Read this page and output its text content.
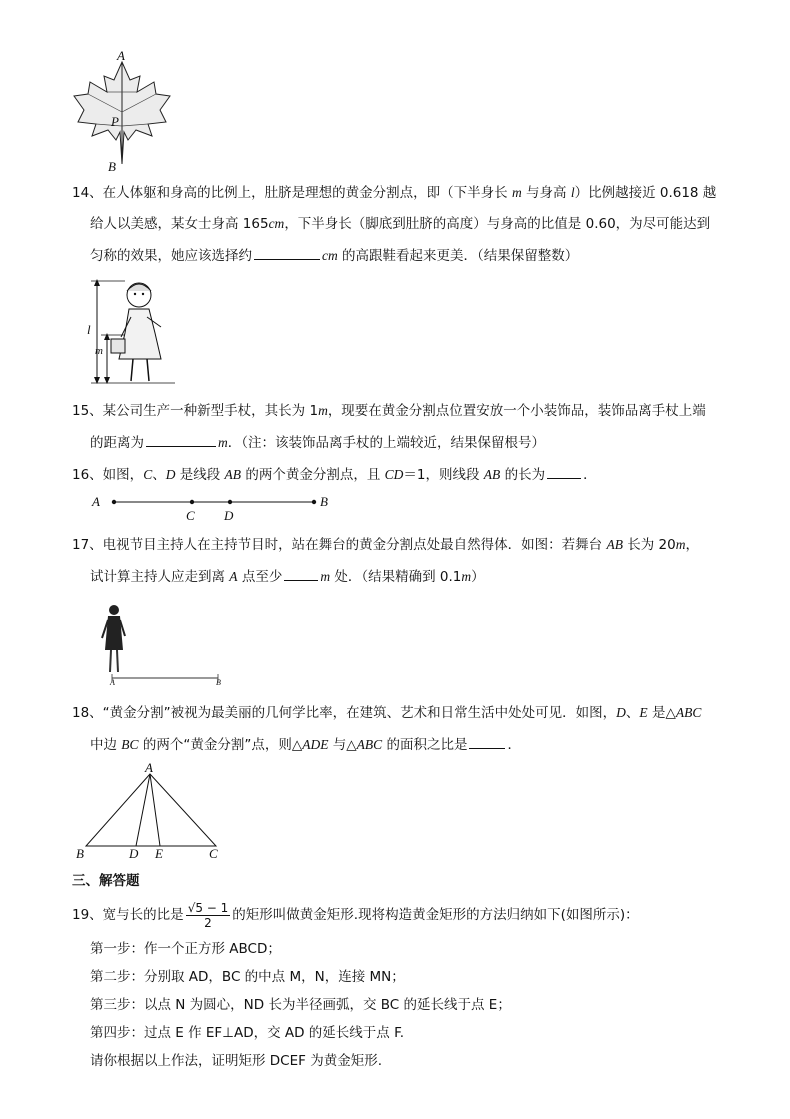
A
P
B
14、在人体躯和身高的比例上，肚脐是理想的黄金分割点，即（下半身长 m 与身高 l）比例越接近 0.618 越
给人以美感，某女士身高 165cm，下半身长（脚底到肚脐的高度）与身高的比值是 0.60，为尽可能达到
匀称的效果，她应该选择约	cm 的高跟鞋看起来更美．（结果保留整数）
l
m
15、某公司生产一种新型手杖，其长为 1m，现要在黄金分割点位置安放一个小装饰品，装饰品离手杖上端
的距离为	m．（注：该装饰品离手杖的上端较近，结果保留根号）
16、如图，C、D 是线段 AB 的两个黄金分割点，且 CD＝1，则线段 AB 的长为	．
A	B
C D
17、电视节目主持人在主持节目时，站在舞台的黄金分割点处最自然得体．如图：若舞台 AB 长为 20m，
试计算主持人应走到离 A 点至少	m 处．（结果精确到 0.1m）
A	B
18、“黄金分割”被视为最美丽的几何学比率，在建筑、艺术和日常生活中处处可见．如图，D、E 是△ABC
中边 BC 的两个“黄金分割”点，则△ADE 与△ABC 的面积之比是	．
A
B	D E	C
三、解答题
19、宽与长的比是 $\frac{√5 - 1}{2}$ 的矩形叫做黄金矩形.现将构造黄金矩形的方法归纳如下(如图所示)：
第一步：作一个正方形 ABCD；
第二步：分别取 AD，BC 的中点 M，N，连接 MN；
第三步：以点 N 为圆心，ND 长为半径画弧，交 BC 的延长线于点 E；
第四步：过点 E 作 EF⊥AD，交 AD 的延长线于点 F.
请你根据以上作法，证明矩形 DCEF 为黄金矩形.
